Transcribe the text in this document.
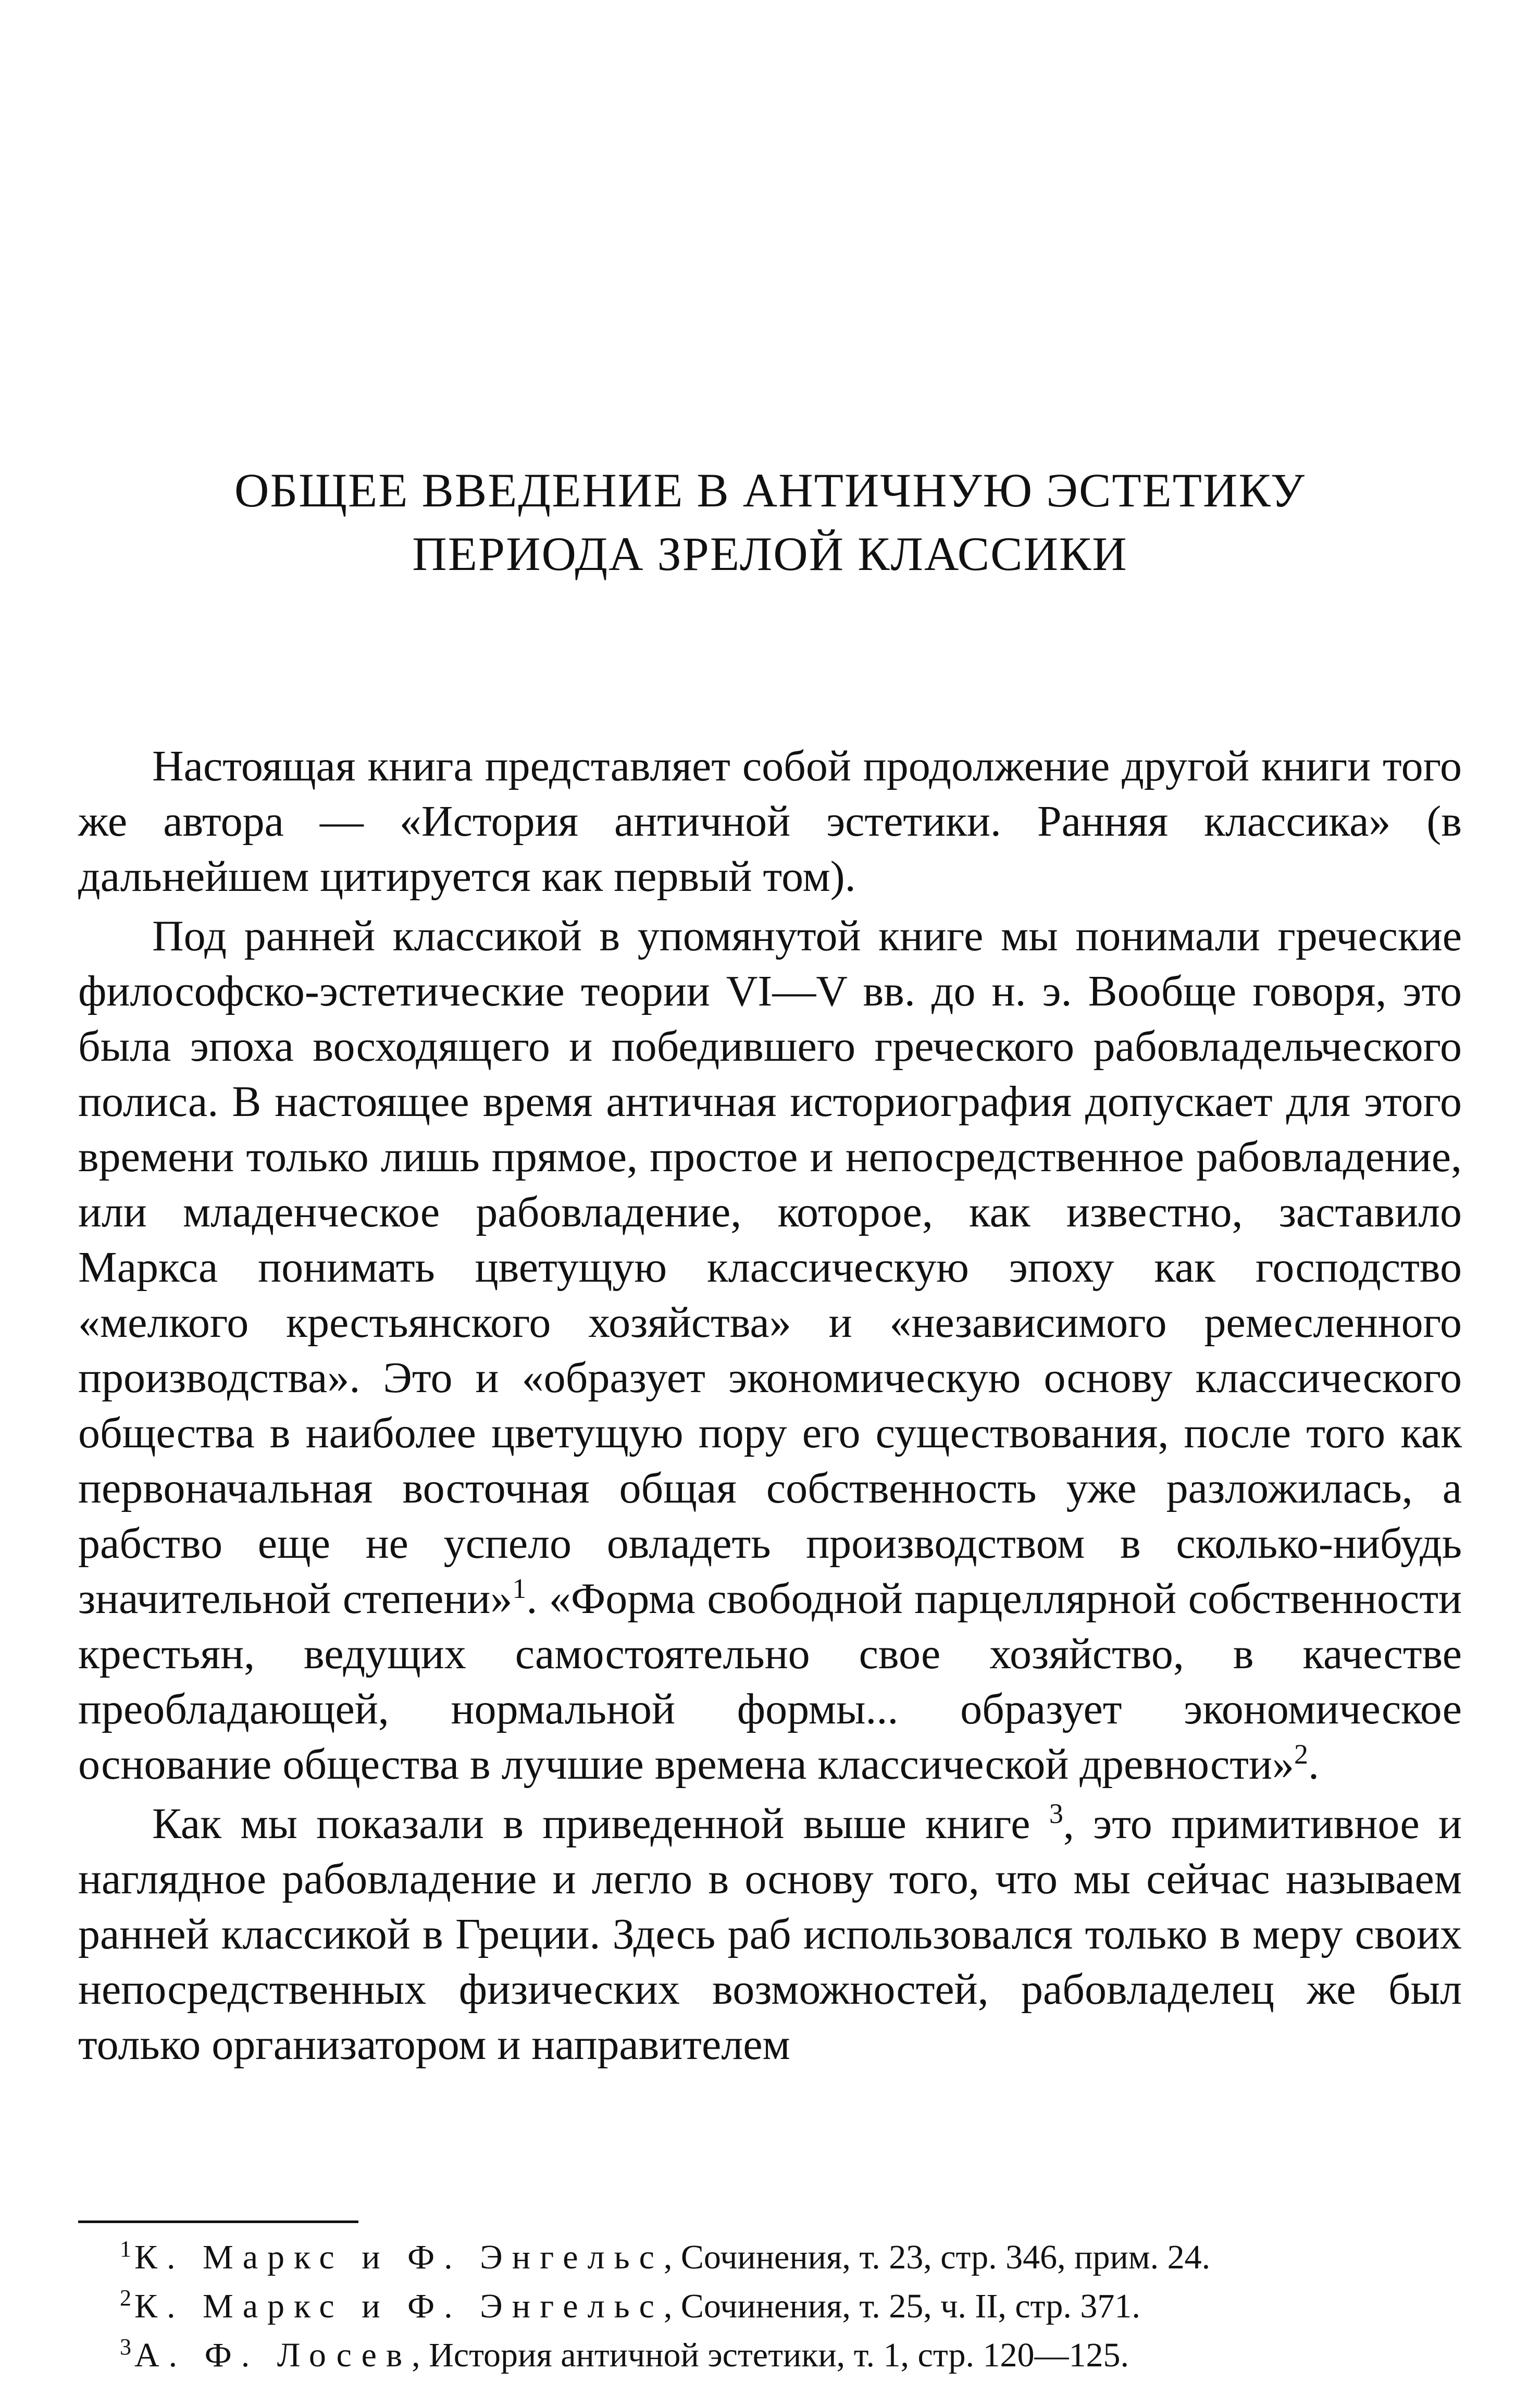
ОБЩЕЕ ВВЕДЕНИЕ В АНТИЧНУЮ ЭСТЕТИКУ
ПЕРИОДА ЗРЕЛОЙ КЛАССИКИ

Настоящая книга представляет собой продолжение другой книги того же автора — «История античной эстетики. Ранняя классика» (в дальнейшем цитируется как первый том).

Под ранней классикой в упомянутой книге мы понимали греческие философско-эстетические теории VI—V вв. до н. э. Вообще говоря, это была эпоха восходящего и победившего греческого рабовладельческого полиса. В настоящее время античная историография допускает для этого времени только лишь прямое, простое и непосредственное рабовладение, или младенческое рабовладение, которое, как известно, заставило Маркса понимать цветущую классическую эпоху как господство «мелкого крестьянского хозяйства» и «независимого ремесленного производства». Это и «образует экономическую основу классического общества в наиболее цветущую пору его существования, после того как первоначальная восточная общая собственность уже разложилась, а рабство еще не успело овладеть производством в сколько-нибудь значительной степени»$^1$. «Форма свободной парцеллярной собственности крестьян, ведущих самостоятельно свое хозяйство, в качестве преобладающей, нормальной формы... образует экономическое основание общества в лучшие времена классической древности»$^2$.

Как мы показали в приведенной выше книге $^3$, это примитивное и наглядное рабовладение и легло в основу того, что мы сейчас называем ранней классикой в Греции. Здесь раб использовался только в меру своих непосредственных физических возможностей, рабовладелец же был только организатором и направителем

$^1$К. Маркс и Ф. Энгельс, Сочинения, т. 23, стр. 346, прим. 24.

$^2$К. Маркс и Ф. Энгельс, Сочинения, т. 25, ч. II, стр. 371.

$^3$А. Ф. Лосев, История античной эстетики, т. 1, стр. 120—125.
